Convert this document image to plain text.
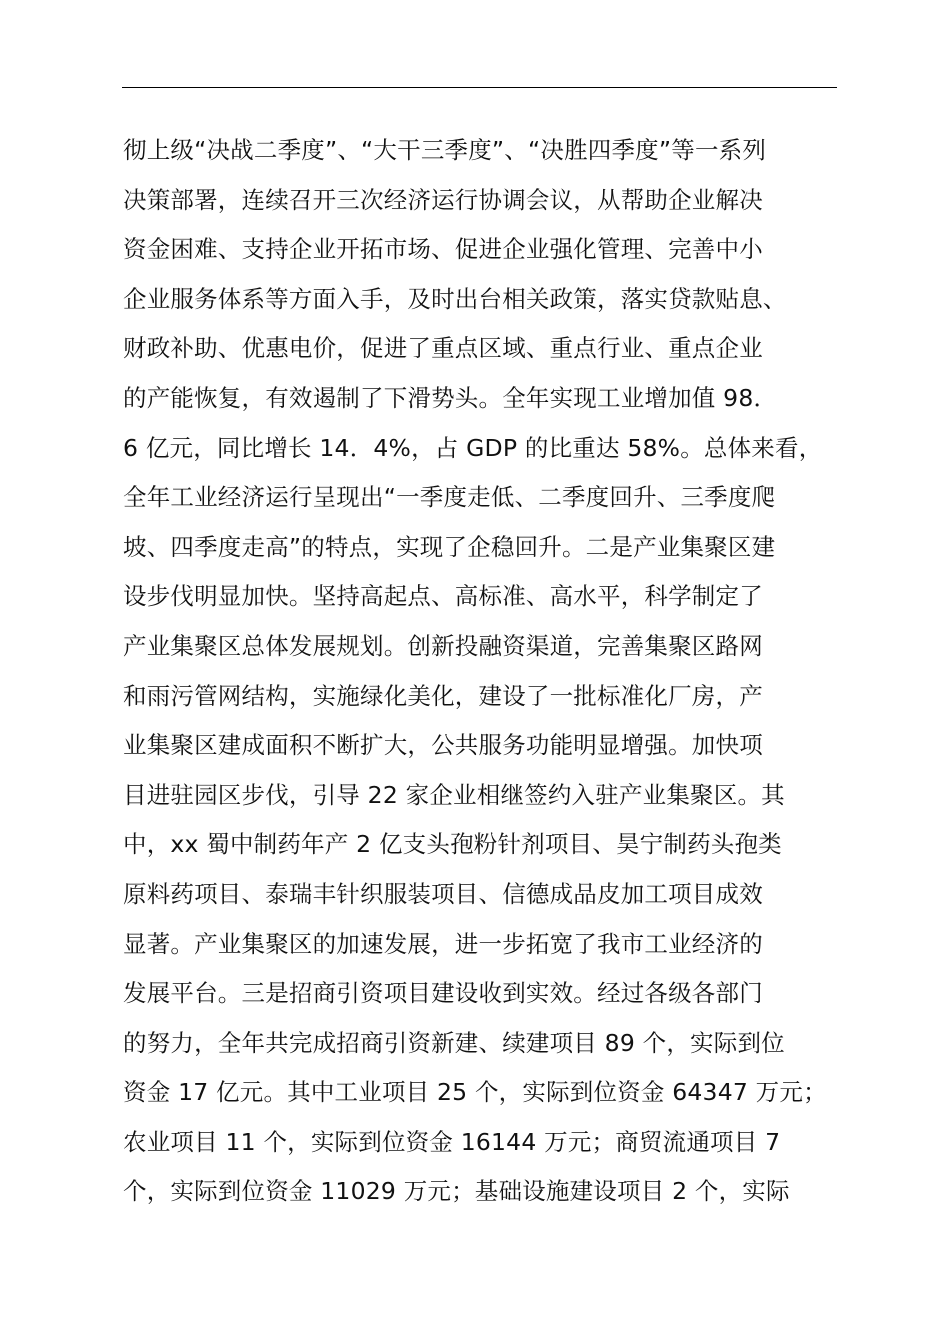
彻上级“决战二季度”、“大干三季度”、“决胜四季度”等一系列
决策部署，连续召开三次经济运行协调会议，从帮助企业解决
资金困难、支持企业开拓市场、促进企业强化管理、完善中小
企业服务体系等方面入手，及时出台相关政策，落实贷款贴息、
财政补助、优惠电价，促进了重点区域、重点行业、重点企业
的产能恢复，有效遏制了下滑势头。全年实现工业增加值 98．
6 亿元，同比增长 14．4%，占 GDP 的比重达 58%。总体来看，
全年工业经济运行呈现出“一季度走低、二季度回升、三季度爬
坡、四季度走高”的特点，实现了企稳回升。二是产业集聚区建
设步伐明显加快。坚持高起点、高标准、高水平，科学制定了
产业集聚区总体发展规划。创新投融资渠道，完善集聚区路网
和雨污管网结构，实施绿化美化，建设了一批标准化厂房，产
业集聚区建成面积不断扩大，公共服务功能明显增强。加快项
目进驻园区步伐，引导 22 家企业相继签约入驻产业集聚区。其
中，xx 蜀中制药年产 2 亿支头孢粉针剂项目、昊宁制药头孢类
原料药项目、泰瑞丰针织服装项目、信德成品皮加工项目成效
显著。产业集聚区的加速发展，进一步拓宽了我市工业经济的
发展平台。三是招商引资项目建设收到实效。经过各级各部门
的努力，全年共完成招商引资新建、续建项目 89 个，实际到位
资金 17 亿元。其中工业项目 25 个，实际到位资金 64347 万元；
农业项目 11 个，实际到位资金 16144 万元；商贸流通项目 7
个，实际到位资金 11029 万元；基础设施建设项目 2 个，实际
